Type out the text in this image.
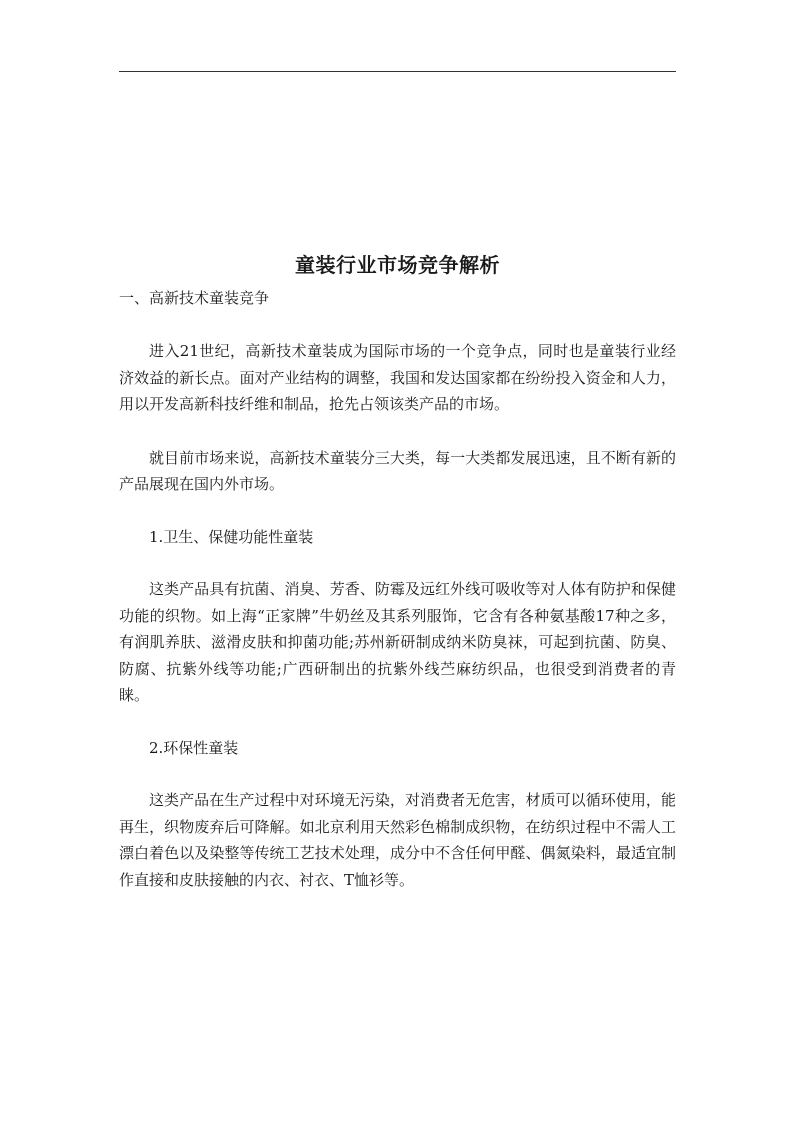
童装行业市场竞争解析

一、高新技术童装竞争

进入21世纪，高新技术童装成为国际市场的一个竞争点，同时也是童装行业经济效益的新长点。面对产业结构的调整，我国和发达国家都在纷纷投入资金和人力，用以开发高新科技纤维和制品，抢先占领该类产品的市场。

就目前市场来说，高新技术童装分三大类，每一大类都发展迅速，且不断有新的产品展现在国内外市场。

1.卫生、保健功能性童装

这类产品具有抗菌、消臭、芳香、防霉及远红外线可吸收等对人体有防护和保健功能的织物。如上海“正家牌”牛奶丝及其系列服饰，它含有各种氨基酸17种之多，有润肌养肤、滋滑皮肤和抑菌功能;苏州新研制成纳米防臭袜，可起到抗菌、防臭、防腐、抗紫外线等功能;广西研制出的抗紫外线苎麻纺织品，也很受到消费者的青睐。

2.环保性童装

这类产品在生产过程中对环境无污染，对消费者无危害，材质可以循环使用，能再生，织物废弃后可降解。如北京利用天然彩色棉制成织物，在纺织过程中不需人工漂白着色以及染整等传统工艺技术处理，成分中不含任何甲醛、偶氮染料，最适宜制作直接和皮肤接触的内衣、衬衣、T恤衫等。
